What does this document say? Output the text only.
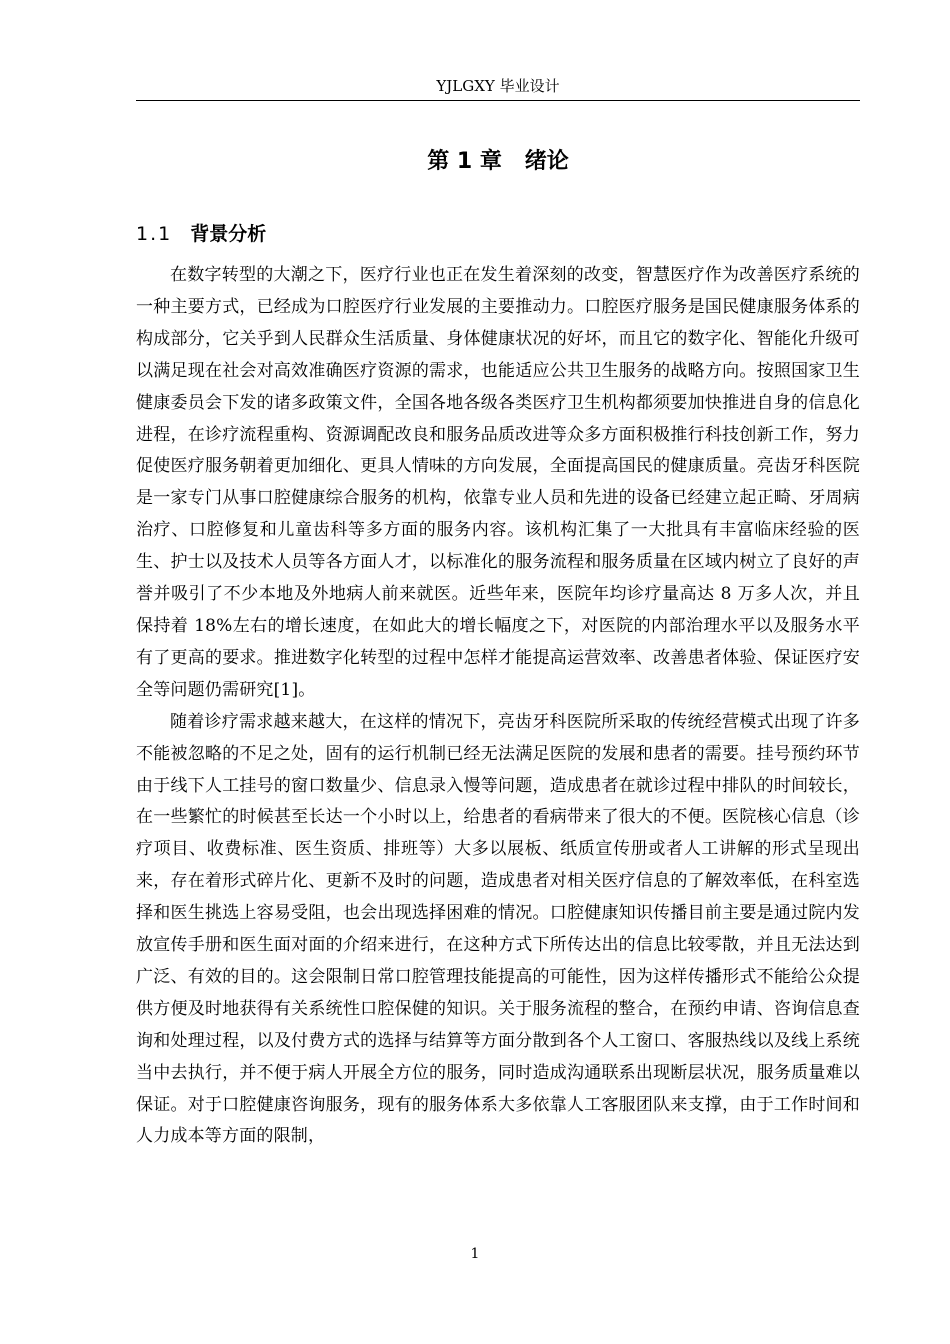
YJLGXY 毕业设计
第 1 章   绪论
1.1 背景分析

在数字转型的大潮之下，医疗行业也正在发生着深刻的改变，智慧医疗作为改善医疗系统的一种主要方式，已经成为口腔医疗行业发展的主要推动力。口腔医疗服务是国民健康服务体系的构成部分，它关乎到人民群众生活质量、身体健康状况的好坏，而且它的数字化、智能化升级可以满足现在社会对高效准确医疗资源的需求，也能适应公共卫生服务的战略方向。按照国家卫生健康委员会下发的诸多政策文件，全国各地各级各类医疗卫生机构都须要加快推进自身的信息化进程，在诊疗流程重构、资源调配改良和服务品质改进等众多方面积极推行科技创新工作，努力促使医疗服务朝着更加细化、更具人情味的方向发展，全面提高国民的健康质量。亮齿牙科医院是一家专门从事口腔健康综合服务的机构，依靠专业人员和先进的设备已经建立起正畸、牙周病治疗、口腔修复和儿童齿科等多方面的服务内容。该机构汇集了一大批具有丰富临床经验的医生、护士以及技术人员等各方面人才，以标准化的服务流程和服务质量在区域内树立了良好的声誉并吸引了不少本地及外地病人前来就医。近些年来，医院年均诊疗量高达 8 万多人次，并且保持着 18%左右的增长速度，在如此大的增长幅度之下，对医院的内部治理水平以及服务水平有了更高的要求。推进数字化转型的过程中怎样才能提高运营效率、改善患者体验、保证医疗安全等问题仍需研究[1]。

随着诊疗需求越来越大，在这样的情况下，亮齿牙科医院所采取的传统经营模式出现了许多不能被忽略的不足之处，固有的运行机制已经无法满足医院的发展和患者的需要。挂号预约环节由于线下人工挂号的窗口数量少、信息录入慢等问题，造成患者在就诊过程中排队的时间较长，在一些繁忙的时候甚至长达一个小时以上，给患者的看病带来了很大的不便。医院核心信息（诊疗项目、收费标准、医生资质、排班等）大多以展板、纸质宣传册或者人工讲解的形式呈现出来，存在着形式碎片化、更新不及时的问题，造成患者对相关医疗信息的了解效率低，在科室选择和医生挑选上容易受阻，也会出现选择困难的情况。口腔健康知识传播目前主要是通过院内发放宣传手册和医生面对面的介绍来进行，在这种方式下所传达出的信息比较零散，并且无法达到广泛、有效的目的。这会限制日常口腔管理技能提高的可能性，因为这样传播形式不能给公众提供方便及时地获得有关系统性口腔保健的知识。关于服务流程的整合，在预约申请、咨询信息查询和处理过程，以及付费方式的选择与结算等方面分散到各个人工窗口、客服热线以及线上系统当中去执行，并不便于病人开展全方位的服务，同时造成沟通联系出现断层状况，服务质量难以保证。对于口腔健康咨询服务，现有的服务体系大多依靠人工客服团队来支撑，由于工作时间和人力成本等方面的限制，

1
